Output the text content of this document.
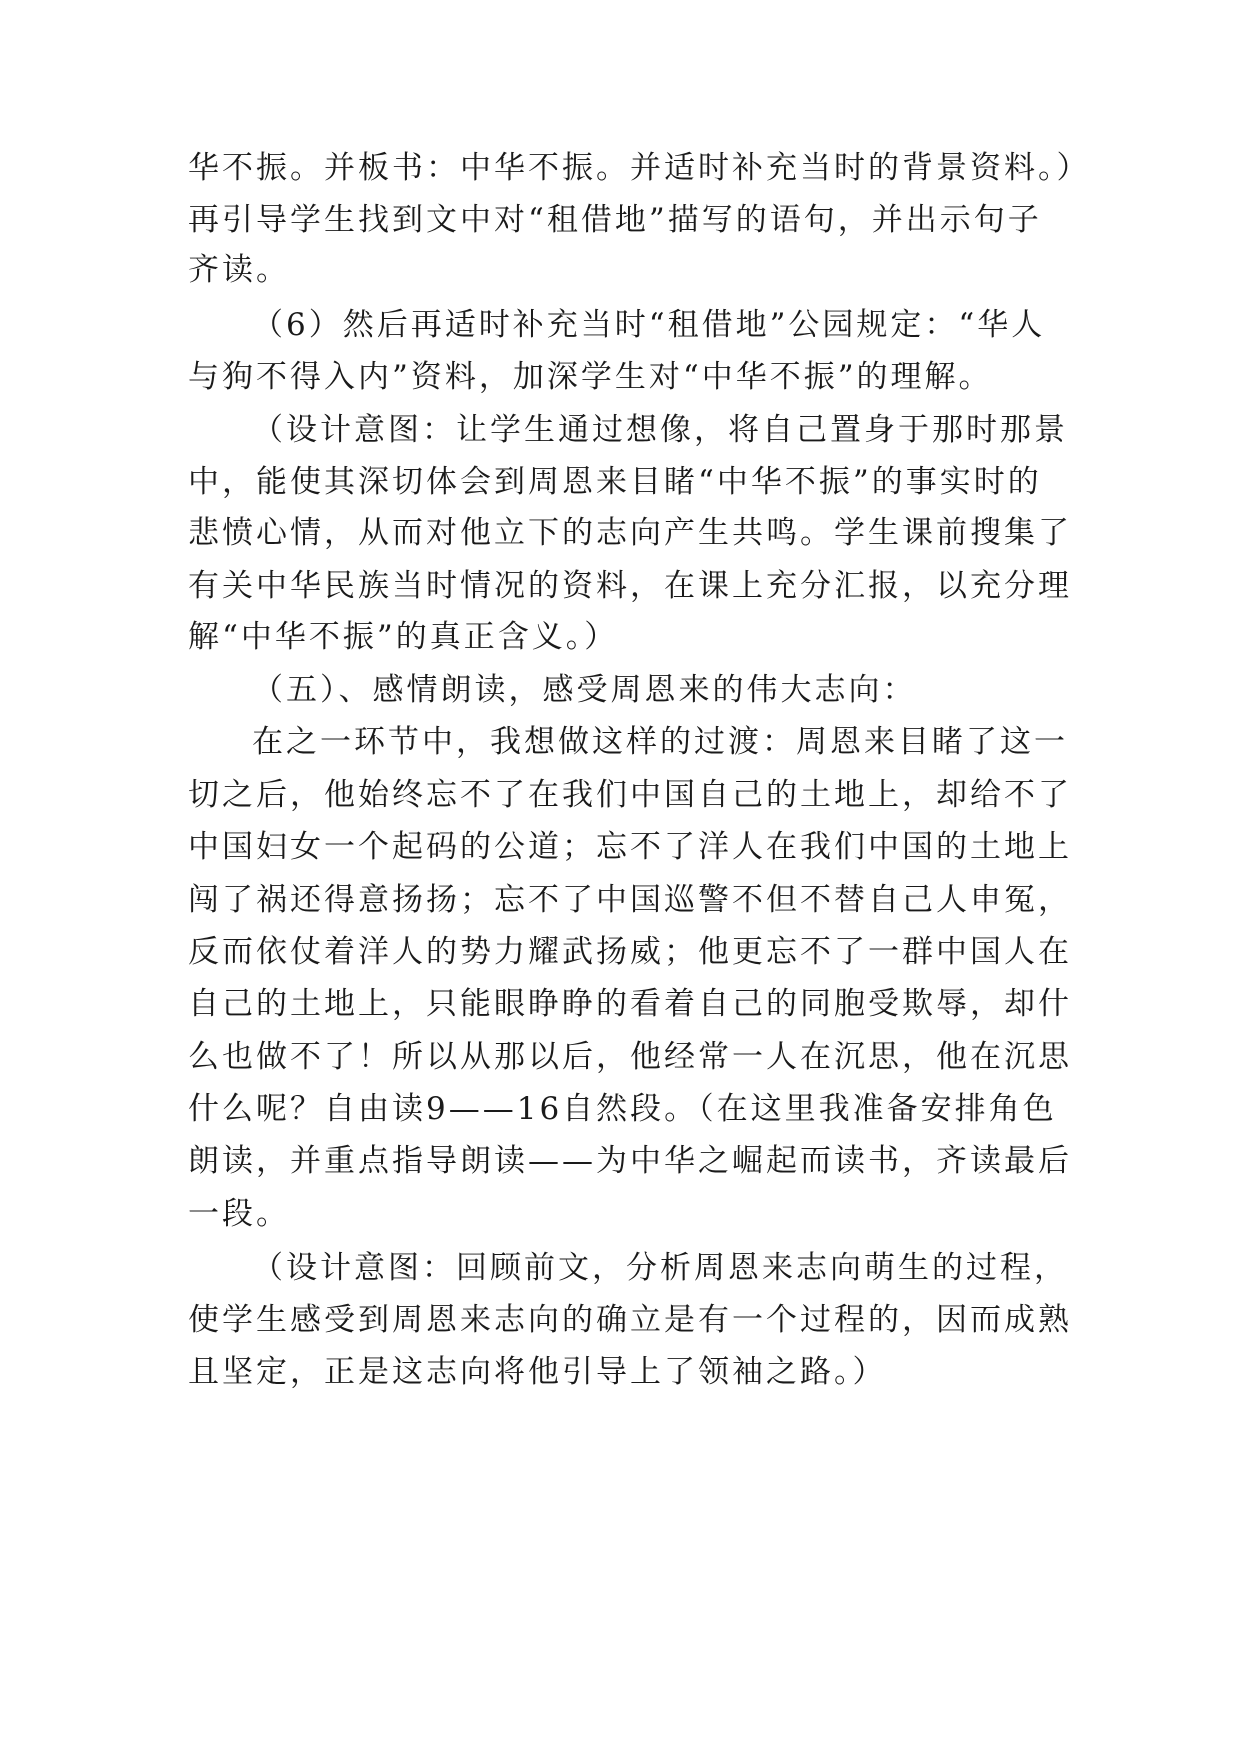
华不振。并板书：中华不振。并适时补充当时的背景资料。）
再引导学生找到文中对“租借地”描写的语句，并出示句子
齐读。
（6）然后再适时补充当时“租借地”公园规定：“华人
与狗不得入内”资料，加深学生对“中华不振”的理解。
（设计意图：让学生通过想像，将自己置身于那时那景
中，能使其深切体会到周恩来目睹“中华不振”的事实时的
悲愤心情，从而对他立下的志向产生共鸣。学生课前搜集了
有关中华民族当时情况的资料，在课上充分汇报，以充分理
解“中华不振”的真正含义。）
（五）、感情朗读，感受周恩来的伟大志向：
在之一环节中，我想做这样的过渡：周恩来目睹了这一
切之后，他始终忘不了在我们中国自己的土地上，却给不了
中国妇女一个起码的公道；忘不了洋人在我们中国的土地上
闯了祸还得意扬扬；忘不了中国巡警不但不替自己人申冤，
反而依仗着洋人的势力耀武扬威；他更忘不了一群中国人在
自己的土地上，只能眼睁睁的看着自己的同胞受欺辱，却什
么也做不了！所以从那以后，他经常一人在沉思，他在沉思
什么呢？自由读9——16自然段。（在这里我准备安排角色
朗读，并重点指导朗读——为中华之崛起而读书，齐读最后
一段。
（设计意图：回顾前文，分析周恩来志向萌生的过程，
使学生感受到周恩来志向的确立是有一个过程的，因而成熟
且坚定，正是这志向将他引导上了领袖之路。）
